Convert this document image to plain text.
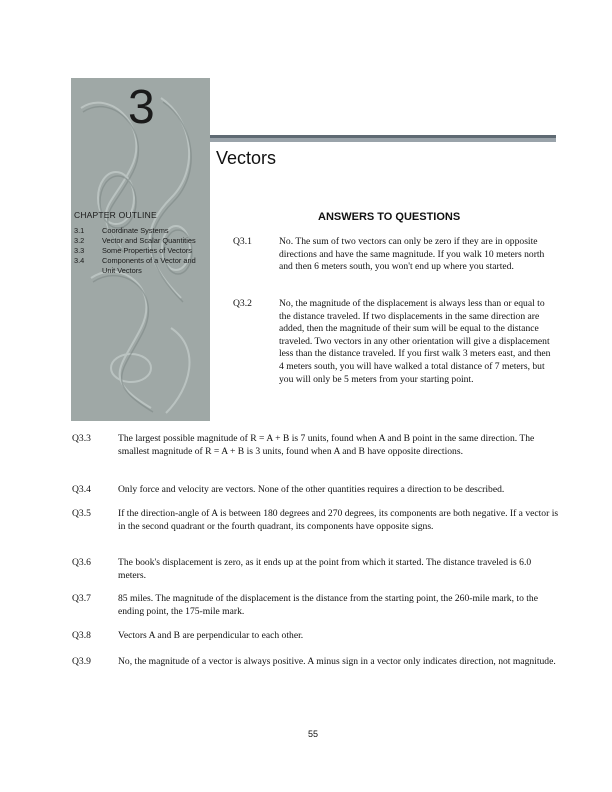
3
Vectors
CHAPTER OUTLINE
3.1	Coordinate Systems
3.2	Vector and Scalar Quantities
3.3	Some Properties of Vectors
3.4	Components of a Vector and Unit Vectors
ANSWERS TO QUESTIONS
Q3.1	No. The sum of two vectors can only be zero if they are in opposite directions and have the same magnitude. If you walk 10 meters north and then 6 meters south, you won't end up where you started.
Q3.2	No, the magnitude of the displacement is always less than or equal to the distance traveled. If two displacements in the same direction are added, then the magnitude of their sum will be equal to the distance traveled. Two vectors in any other orientation will give a displacement less than the distance traveled. If you first walk 3 meters east, and then 4 meters south, you will have walked a total distance of 7 meters, but you will only be 5 meters from your starting point.
Q3.3	The largest possible magnitude of R = A + B is 7 units, found when A and B point in the same direction. The smallest magnitude of R = A + B is 3 units, found when A and B have opposite directions.
Q3.4	Only force and velocity are vectors. None of the other quantities requires a direction to be described.
Q3.5	If the direction-angle of A is between 180 degrees and 270 degrees, its components are both negative. If a vector is in the second quadrant or the fourth quadrant, its components have opposite signs.
Q3.6	The book's displacement is zero, as it ends up at the point from which it started. The distance traveled is 6.0 meters.
Q3.7	85 miles. The magnitude of the displacement is the distance from the starting point, the 260-mile mark, to the ending point, the 175-mile mark.
Q3.8	Vectors A and B are perpendicular to each other.
Q3.9	No, the magnitude of a vector is always positive. A minus sign in a vector only indicates direction, not magnitude.
55
